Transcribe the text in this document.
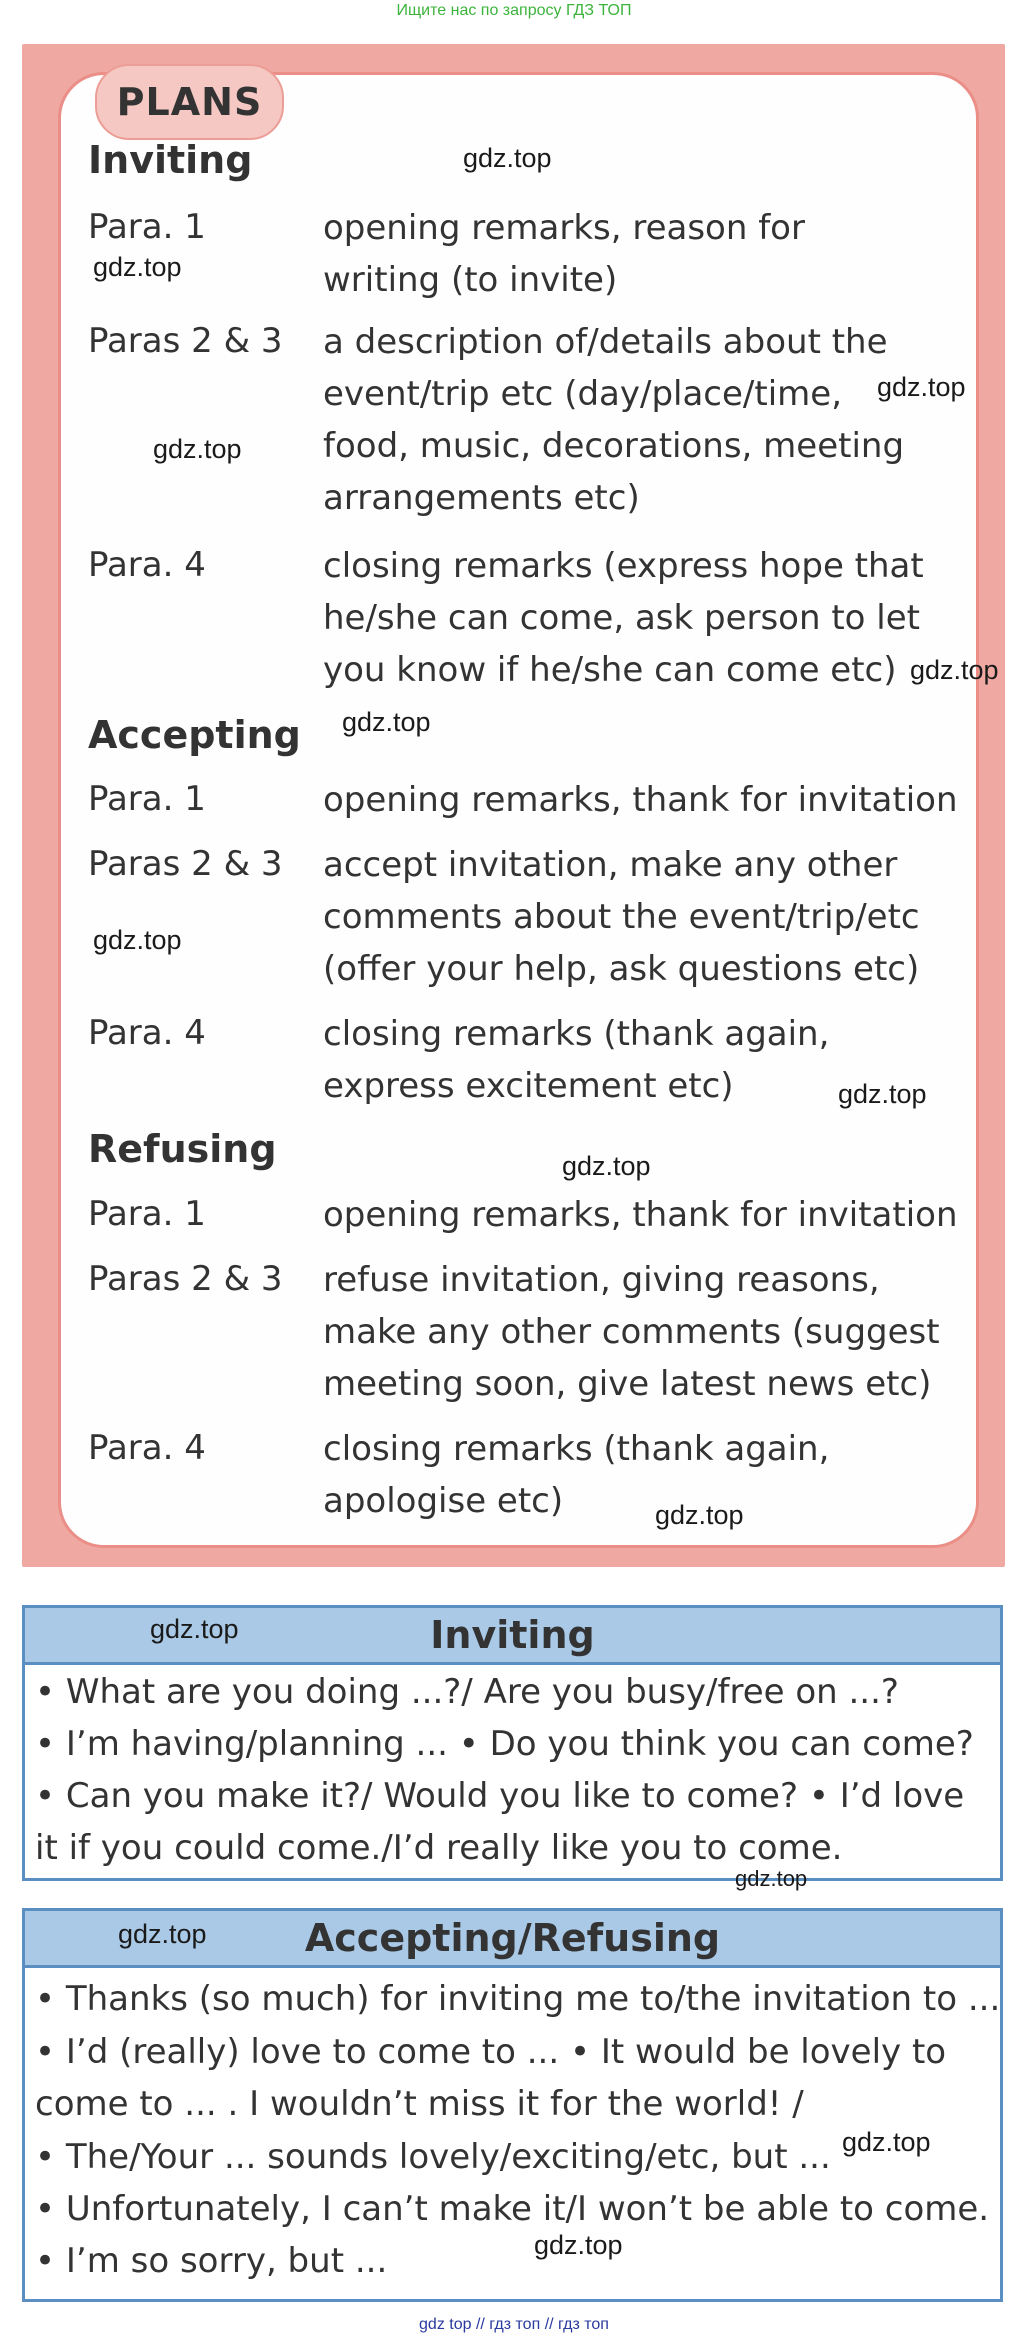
Ищите нас по запросу ГДЗ ТОП
PLANS
Inviting
Para. 1	opening remarks, reason for
writing (to invite)
Paras 2 & 3 a description of/details about the
event/trip etc (day/place/time,
food, music, decorations, meeting
arrangements etc)
Para. 4	closing remarks (express hope that
he/she can come, ask person to let
you know if he/she can come etc)
Accepting
Para. 1	opening remarks, thank for invitation
Paras 2 & 3 accept invitation, make any other
comments about the event/trip/etc
(offer your help, ask questions etc)
Para. 4	closing remarks (thank again,
express excitement etc)
Refusing
Para. 1	opening remarks, thank for invitation
Paras 2 & 3 refuse invitation, giving reasons,
make any other comments (suggest
meeting soon, give latest news etc)
Para. 4	closing remarks (thank again,
apologise etc)
Inviting
• What are you doing ...?/ Are you busy/free on ...?
• I’m having/planning ... • Do you think you can come?
• Can you make it?/ Would you like to come? • I’d love
it if you could come./I’d really like you to come.
Accepting/Refusing
• Thanks (so much) for inviting me to/the invitation to ...
• I’d (really) love to come to ... • It would be lovely to
come to ... . I wouldn’t miss it for the world! /
• The/Your ... sounds lovely/exciting/etc, but ...
• Unfortunately, I can’t make it/I won’t be able to come.
• I’m so sorry, but ...
gdz.top
gdz.top
gdz.top
gdz.top
gdz.top
gdz.top
gdz.top
gdz.top
gdz.top
gdz.top
gdz.top
gdz.top
gdz.top
gdz.top
gdz.top
gdz top // гдз топ // гдз топ
